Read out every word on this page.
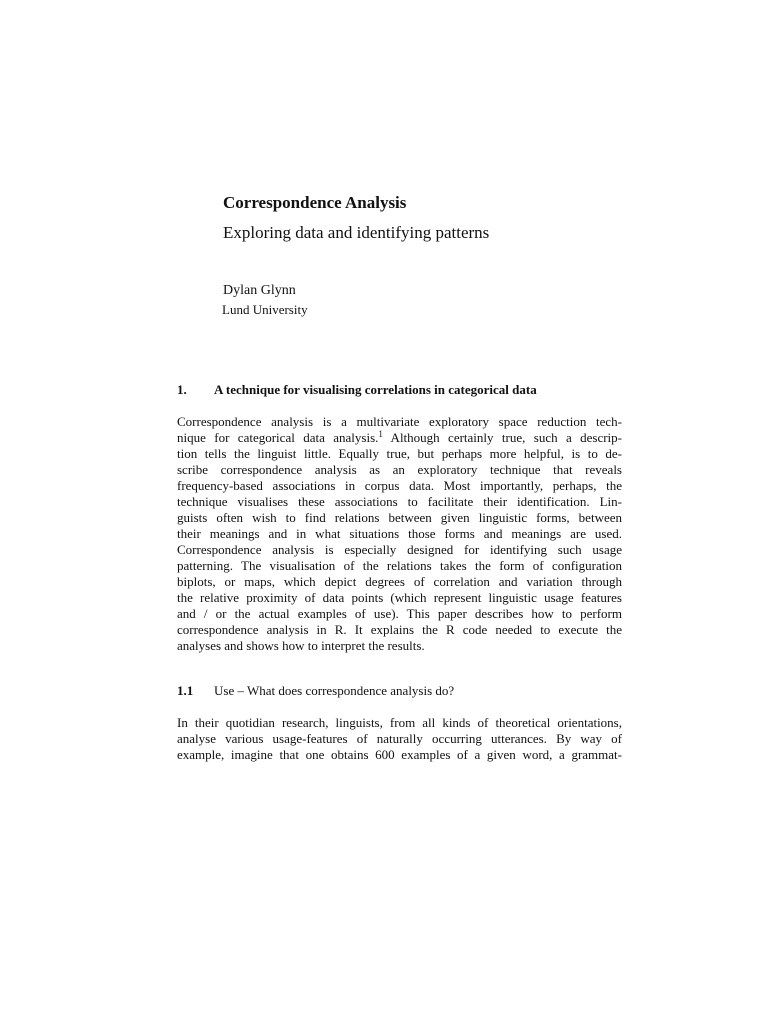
Correspondence Analysis
Exploring data and identifying patterns
Dylan Glynn
Lund University
1. A technique for visualising correlations in categorical data
Correspondence analysis is a multivariate exploratory space reduction tech-
nique for categorical data analysis.$^1$ Although certainly true, such a descrip-
tion tells the linguist little. Equally true, but perhaps more helpful, is to de-
scribe correspondence analysis as an exploratory technique that reveals
frequency-based associations in corpus data. Most importantly, perhaps, the
technique visualises these associations to facilitate their identification. Lin-
guists often wish to find relations between given linguistic forms, between
their meanings and in what situations those forms and meanings are used.
Correspondence analysis is especially designed for identifying such usage
patterning. The visualisation of the relations takes the form of configuration
biplots, or maps, which depict degrees of correlation and variation through
the relative proximity of data points (which represent linguistic usage features
and / or the actual examples of use). This paper describes how to perform
correspondence analysis in R. It explains the R code needed to execute the
analyses and shows how to interpret the results.
1.1 Use – What does correspondence analysis do?
In their quotidian research, linguists, from all kinds of theoretical orientations,
analyse various usage-features of naturally occurring utterances. By way of
example, imagine that one obtains 600 examples of a given word, a grammat-
